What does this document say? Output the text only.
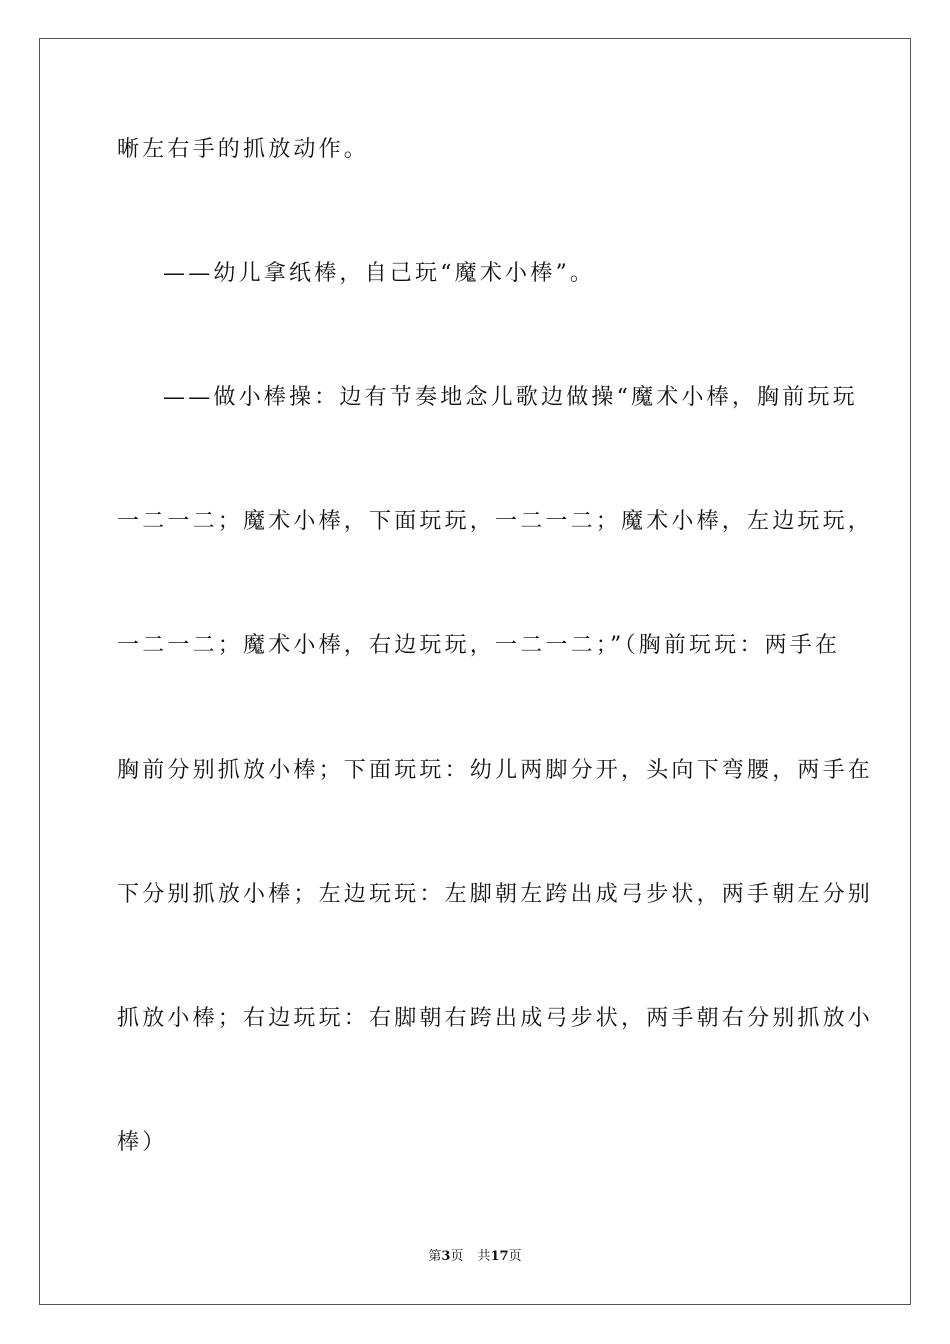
晰左右手的抓放动作。
——幼儿拿纸棒，自己玩“魔术小棒”。
——做小棒操：边有节奏地念儿歌边做操“魔术小棒，胸前玩玩
一二一二；魔术小棒，下面玩玩，一二一二；魔术小棒，左边玩玩，
一二一二；魔术小棒，右边玩玩，一二一二；”（胸前玩玩：两手在
胸前分别抓放小棒；下面玩玩：幼儿两脚分开，头向下弯腰，两手在
下分别抓放小棒；左边玩玩：左脚朝左跨出成弓步状，两手朝左分别
抓放小棒；右边玩玩：右脚朝右跨出成弓步状，两手朝右分别抓放小
棒）
第3页 共17页
